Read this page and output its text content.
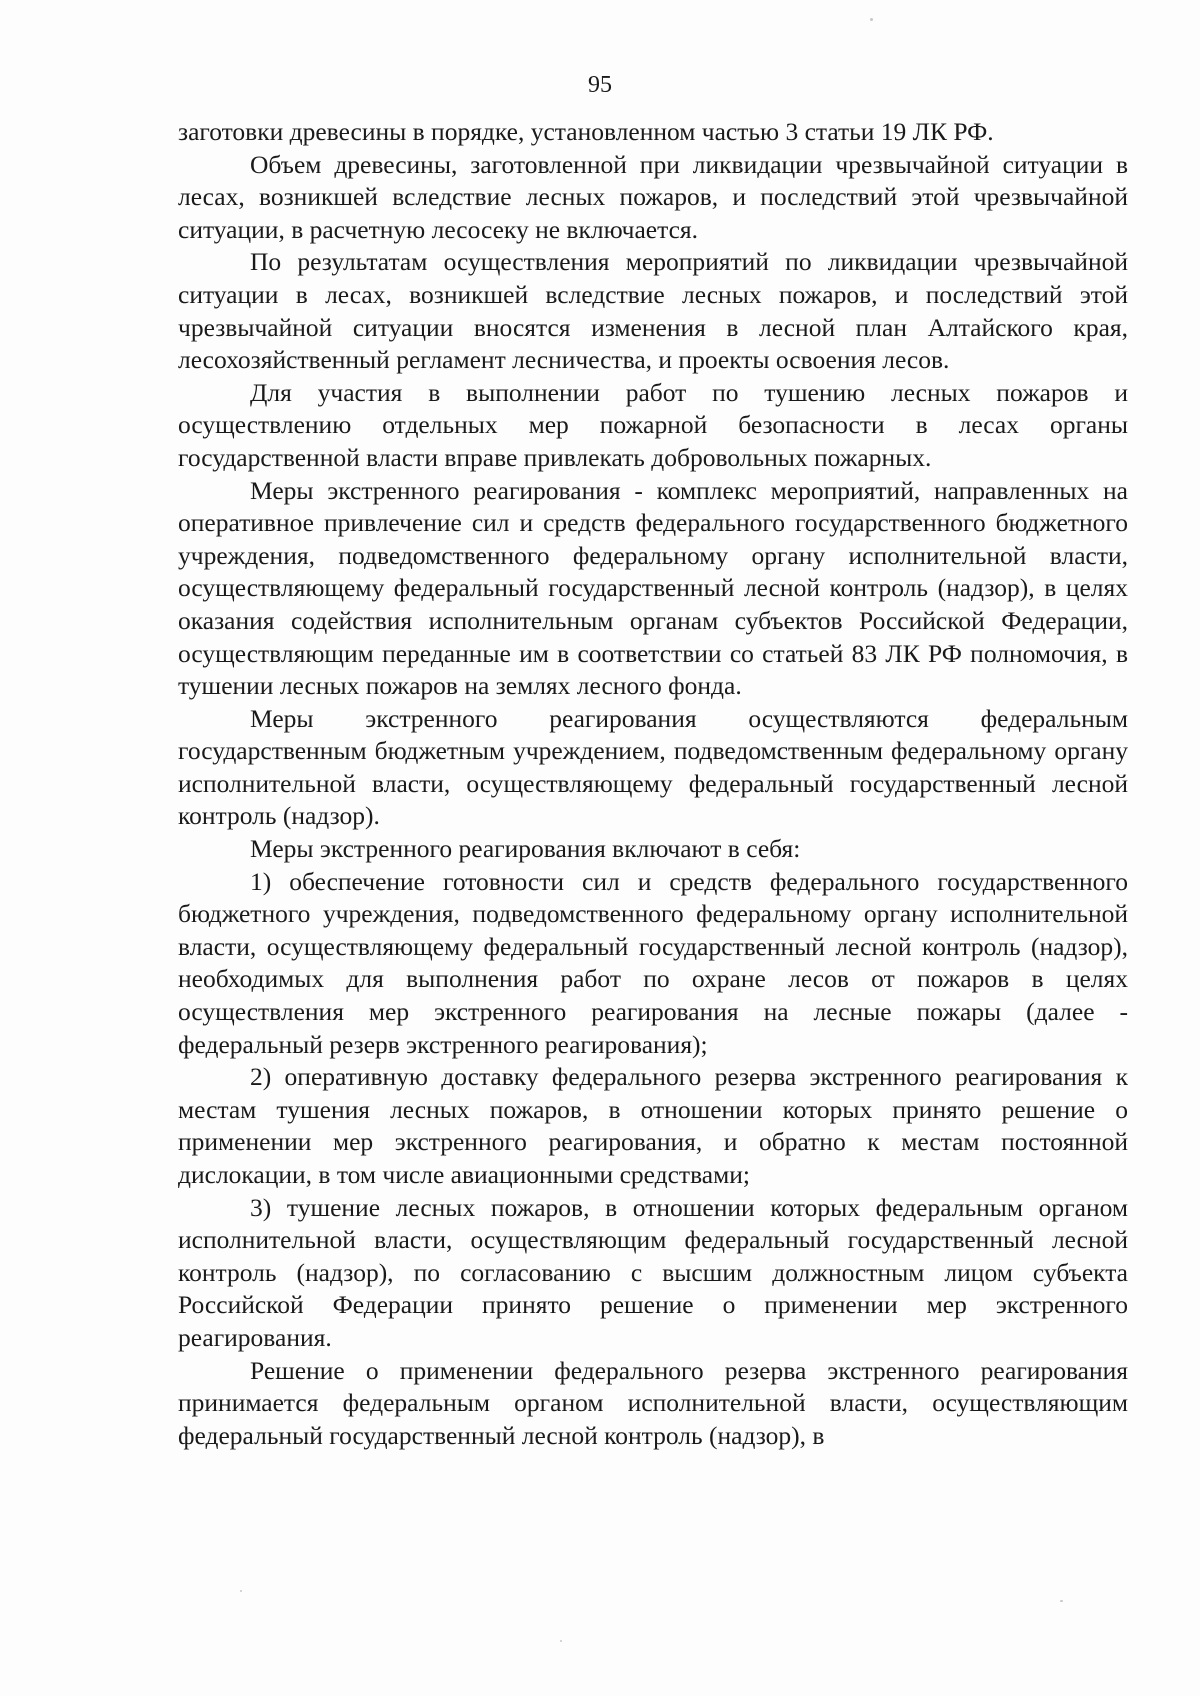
95

заготовки древесины в порядке, установленном частью 3 статьи 19 ЛК РФ.

Объем древесины, заготовленной при ликвидации чрезвычайной ситуации в лесах, возникшей вследствие лесных пожаров, и последствий этой чрезвычайной ситуации, в расчетную лесосеку не включается.

По результатам осуществления мероприятий по ликвидации чрезвычайной ситуации в лесах, возникшей вследствие лесных пожаров, и последствий этой чрезвычайной ситуации вносятся изменения в лесной план Алтайского края, лесохозяйственный регламент лесничества, и проекты освоения лесов.

Для участия в выполнении работ по тушению лесных пожаров и осуществлению отдельных мер пожарной безопасности в лесах органы государственной власти вправе привлекать добровольных пожарных.

Меры экстренного реагирования - комплекс мероприятий, направленных на оперативное привлечение сил и средств федерального государственного бюджетного учреждения, подведомственного федеральному органу исполнительной власти, осуществляющему федеральный государственный лесной контроль (надзор), в целях оказания содействия исполнительным органам субъектов Российской Федерации, осуществляющим переданные им в соответствии со статьей 83 ЛК РФ полномочия, в тушении лесных пожаров на землях лесного фонда.

Меры экстренного реагирования осуществляются федеральным государственным бюджетным учреждением, подведомственным федеральному органу исполнительной власти, осуществляющему федеральный государственный лесной контроль (надзор).

Меры экстренного реагирования включают в себя:

1) обеспечение готовности сил и средств федерального государственного бюджетного учреждения, подведомственного федеральному органу исполнительной власти, осуществляющему федеральный государственный лесной контроль (надзор), необходимых для выполнения работ по охране лесов от пожаров в целях осуществления мер экстренного реагирования на лесные пожары (далее - федеральный резерв экстренного реагирования);

2) оперативную доставку федерального резерва экстренного реагирования к местам тушения лесных пожаров, в отношении которых принято решение о применении мер экстренного реагирования, и обратно к местам постоянной дислокации, в том числе авиационными средствами;

3) тушение лесных пожаров, в отношении которых федеральным органом исполнительной власти, осуществляющим федеральный государственный лесной контроль (надзор), по согласованию с высшим должностным лицом субъекта Российской Федерации принято решение о применении мер экстренного реагирования.

Решение о применении федерального резерва экстренного реагирования принимается федеральным органом исполнительной власти, осуществляющим федеральный государственный лесной контроль (надзор), в
